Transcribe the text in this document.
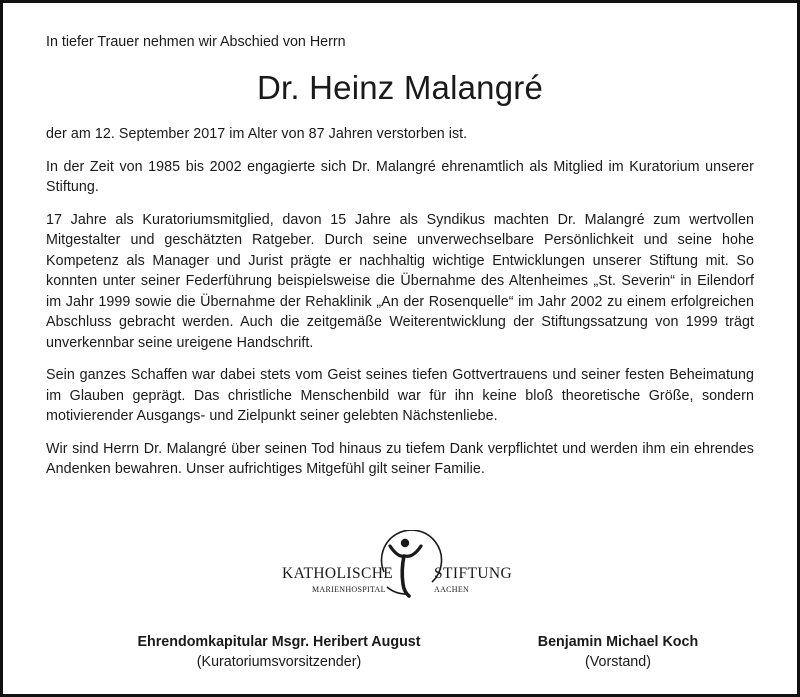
In tiefer Trauer nehmen wir Abschied von Herrn

Dr. Heinz Malangré

der am 12. September 2017 im Alter von 87 Jahren verstorben ist.

In der Zeit von 1985 bis 2002 engagierte sich Dr. Malangré ehrenamtlich als Mitglied im Kuratorium unserer Stiftung.

17 Jahre als Kuratoriumsmitglied, davon 15 Jahre als Syndikus machten Dr. Malangré zum wertvollen Mitgestalter und geschätzten Ratgeber. Durch seine unverwechselbare Persönlichkeit und seine hohe Kompetenz als Manager und Jurist prägte er nachhaltig wichtige Entwicklungen unserer Stiftung mit. So konnten unter seiner Federführung beispielsweise die Übernahme des Altenheimes „St. Severin“ in Eilendorf im Jahr 1999 sowie die Übernahme der Rehaklinik „An der Rosenquelle“ im Jahr 2002 zu einem erfolgreichen Abschluss gebracht werden. Auch die zeitgemäße Weiterentwicklung der Stiftungssatzung von 1999 trägt unverkennbar seine ureigene Handschrift.

Sein ganzes Schaffen war dabei stets vom Geist seines tiefen Gottvertrauens und seiner festen Beheimatung im Glauben geprägt. Das christliche Menschenbild war für ihn keine bloß theoretische Größe, sondern motivierender Ausgangs- und Zielpunkt seiner gelebten Nächstenliebe.

Wir sind Herrn Dr. Malangré über seinen Tod hinaus zu tiefem Dank verpflichtet und werden ihm ein ehrendes Andenken bewahren. Unser aufrichtiges Mitgefühl gilt seiner Familie.

KATHOLISCHE	STIFTUNG
MARIENHOSPITAL	AACHEN
Ehrendomkapitular Msgr. Heribert August
(Kuratoriumsvorsitzender)
Benjamin Michael Koch
(Vorstand)
